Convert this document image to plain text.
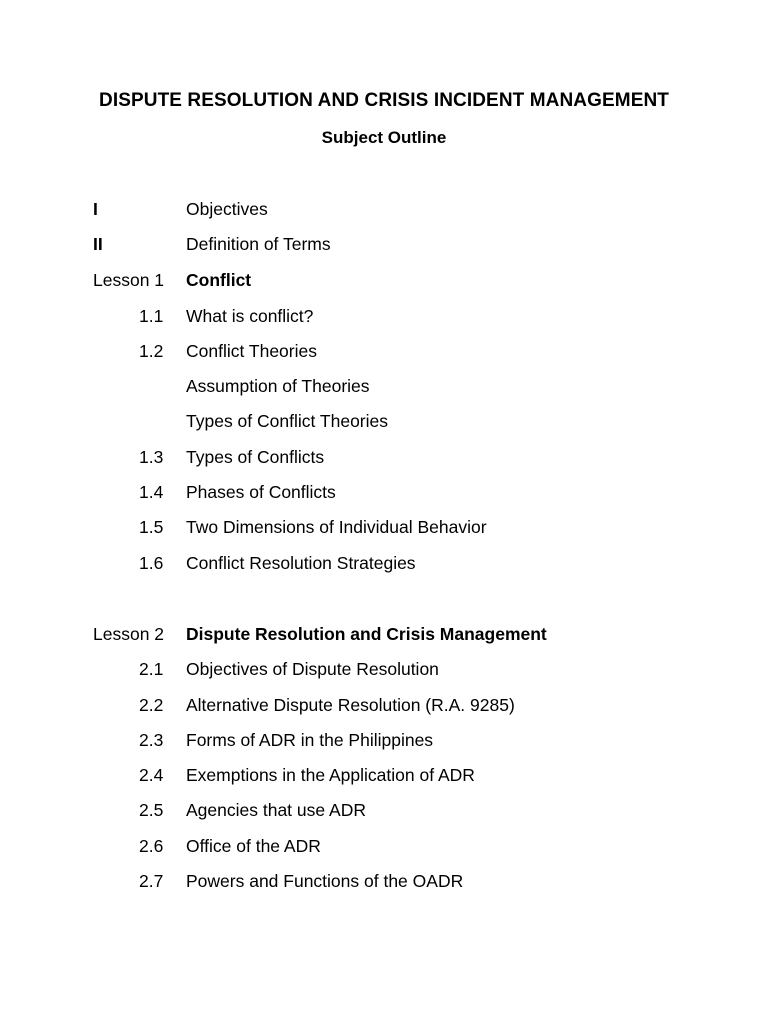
DISPUTE RESOLUTION AND CRISIS INCIDENT MANAGEMENT
Subject Outline
I	Objectives
II	Definition of Terms
Lesson 1 Conflict
1.1 What is conflict?
1.2 Conflict Theories
Assumption of Theories
Types of Conflict Theories
1.3 Types of Conflicts
1.4 Phases of Conflicts
1.5 Two Dimensions of Individual Behavior
1.6 Conflict Resolution Strategies
Lesson 2 Dispute Resolution and Crisis Management
2.1 Objectives of Dispute Resolution
2.2 Alternative Dispute Resolution (R.A. 9285)
2.3 Forms of ADR in the Philippines
2.4 Exemptions in the Application of ADR
2.5 Agencies that use ADR
2.6 Office of the ADR
2.7 Powers and Functions of the OADR
